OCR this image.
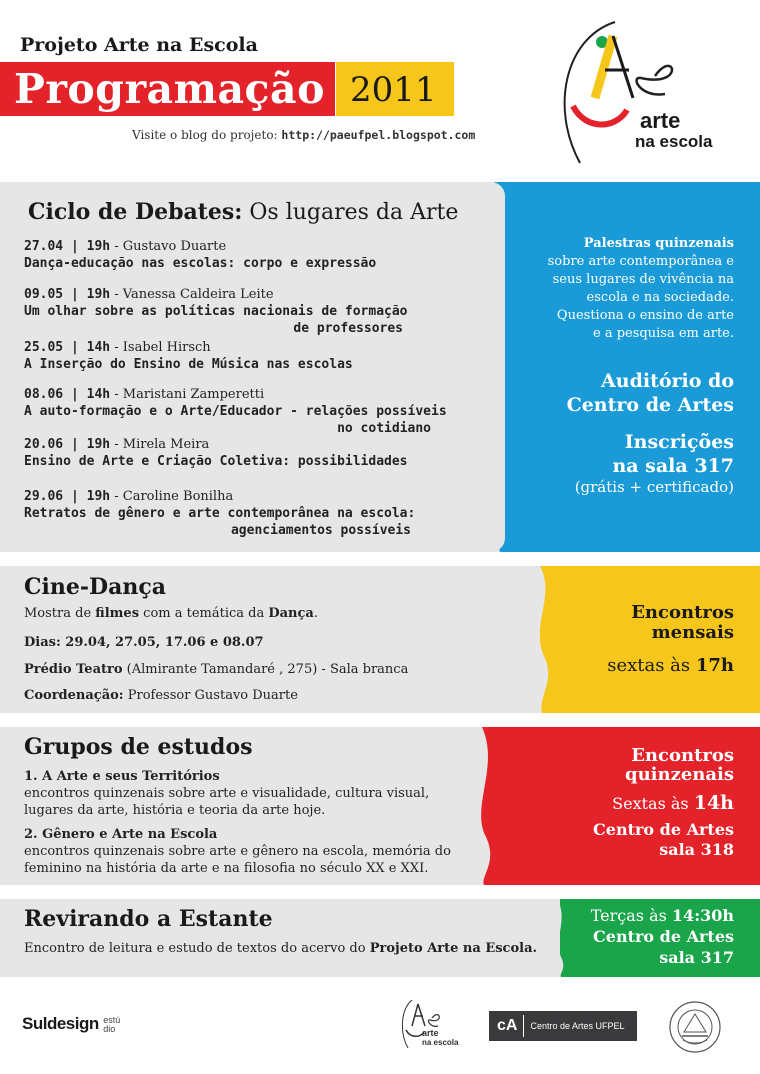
Projeto Arte na Escola
Programação 2011
Visite o blog do projeto: http://paeufpel.blogspot.com
arte
na escola
Ciclo de Debates: Os lugares da Arte
27.04 | 19h - Gustavo Duarte
Dança-educação nas escolas: corpo e expressão
09.05 | 19h - Vanessa Caldeira Leite
Um olhar sobre as políticas nacionais de formação
de professores
25.05 | 14h - Isabel Hirsch
A Inserção do Ensino de Música nas escolas
08.06 | 14h - Maristani Zamperetti
A auto-formação e o Arte/Educador - relações possíveis
no cotidiano
20.06 | 19h - Mirela Meira
Ensino de Arte e Criação Coletiva: possibilidades
29.06 | 19h - Caroline Bonilha
Retratos de gênero e arte contemporânea na escola:
agenciamentos possíveis
Palestras quinzenais
sobre arte contemporânea e
seus lugares de vivência na
escola e na sociedade.
Questiona o ensino de arte
e a pesquisa em arte.
Auditório do
Centro de Artes
Inscrições
na sala 317
(grátis + certificado)
Cine-Dança
Mostra de filmes com a temática da Dança.
Dias: 29.04, 27.05, 17.06 e 08.07
Prédio Teatro (Almirante Tamandaré , 275) - Sala branca
Coordenação: Professor Gustavo Duarte
Encontros
mensais
sextas às 17h
Grupos de estudos
1. A Arte e seus Territórios
encontros quinzenais sobre arte e visualidade, cultura visual,
lugares da arte, história e teoria da arte hoje.
2. Gênero e Arte na Escola
encontros quinzenais sobre arte e gênero na escola, memória do
feminino na história da arte e na filosofia no século XX e XXI.
Encontros
quinzenais
Sextas às 14h
Centro de Artes
sala 318
Revirando a Estante
Encontro de leitura e estudo de textos do acervo do Projeto Arte na Escola.
Terças às 14:30h
Centro de Artes
sala 317
Suldesign estúdio	arte
na escola
cA	Centro de Artes UFPEL
